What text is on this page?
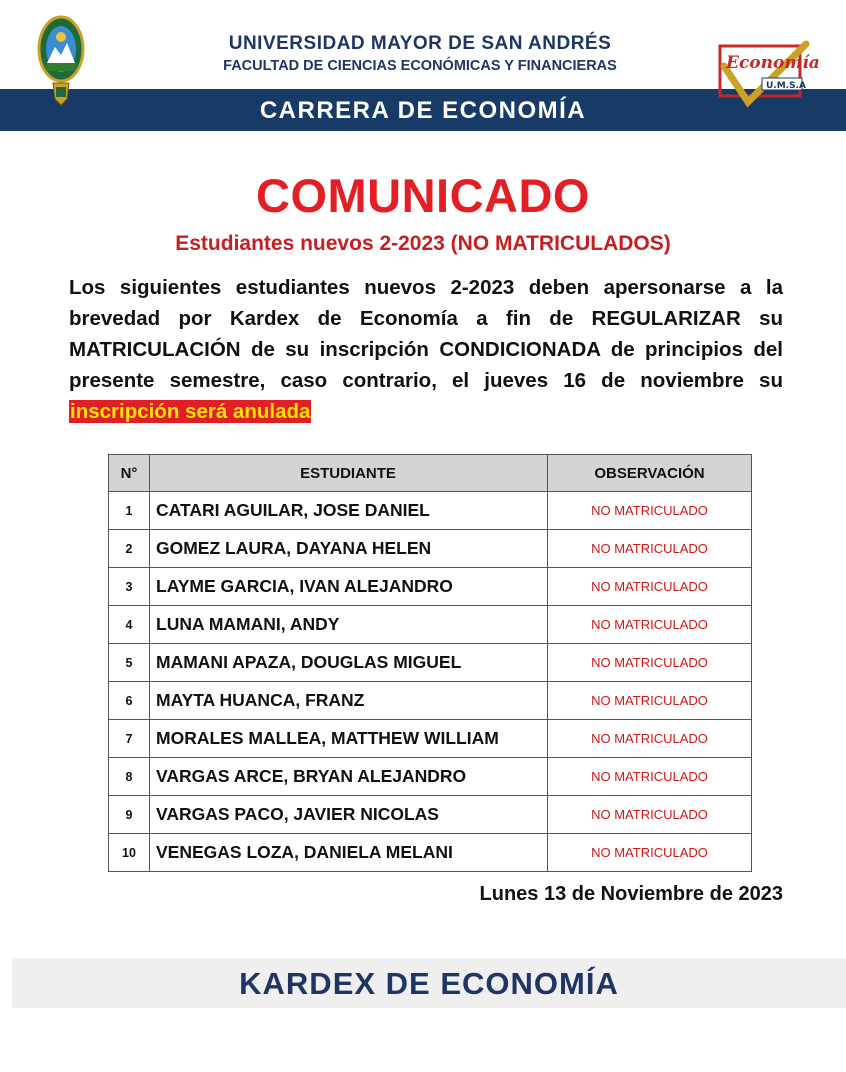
CARRERA DE ECONOMÍA
UNIVERSIDAD MAYOR DE SAN ANDRÉS
FACULTAD DE CIENCIAS ECONÓMICAS Y FINANCIERAS	Economía
U.M.S.A
COMUNICADO
Estudiantes nuevos 2-2023 (NO MATRICULADOS)
Los siguientes estudiantes nuevos 2-2023 deben apersonarse a la brevedad por Kardex de Economía a fin de REGULARIZAR su MATRICULACIÓN de su inscripción CONDICIONADA de principios del presente semestre, caso contrario, el jueves 16 de noviembre su inscripción será anulada
N°	ESTUDIANTE	OBSERVACIÓN
1	CATARI AGUILAR, JOSE DANIEL	NO MATRICULADO
2	GOMEZ LAURA, DAYANA HELEN	NO MATRICULADO
3	LAYME GARCIA, IVAN ALEJANDRO	NO MATRICULADO
4	LUNA MAMANI, ANDY	NO MATRICULADO
5	MAMANI APAZA, DOUGLAS MIGUEL	NO MATRICULADO
6	MAYTA HUANCA, FRANZ	NO MATRICULADO
7	MORALES MALLEA, MATTHEW WILLIAM	NO MATRICULADO
8	VARGAS ARCE, BRYAN ALEJANDRO	NO MATRICULADO
9	VARGAS PACO, JAVIER NICOLAS	NO MATRICULADO
10	VENEGAS LOZA, DANIELA MELANI	NO MATRICULADO
Lunes 13 de Noviembre de 2023
KARDEX DE ECONOMÍA
